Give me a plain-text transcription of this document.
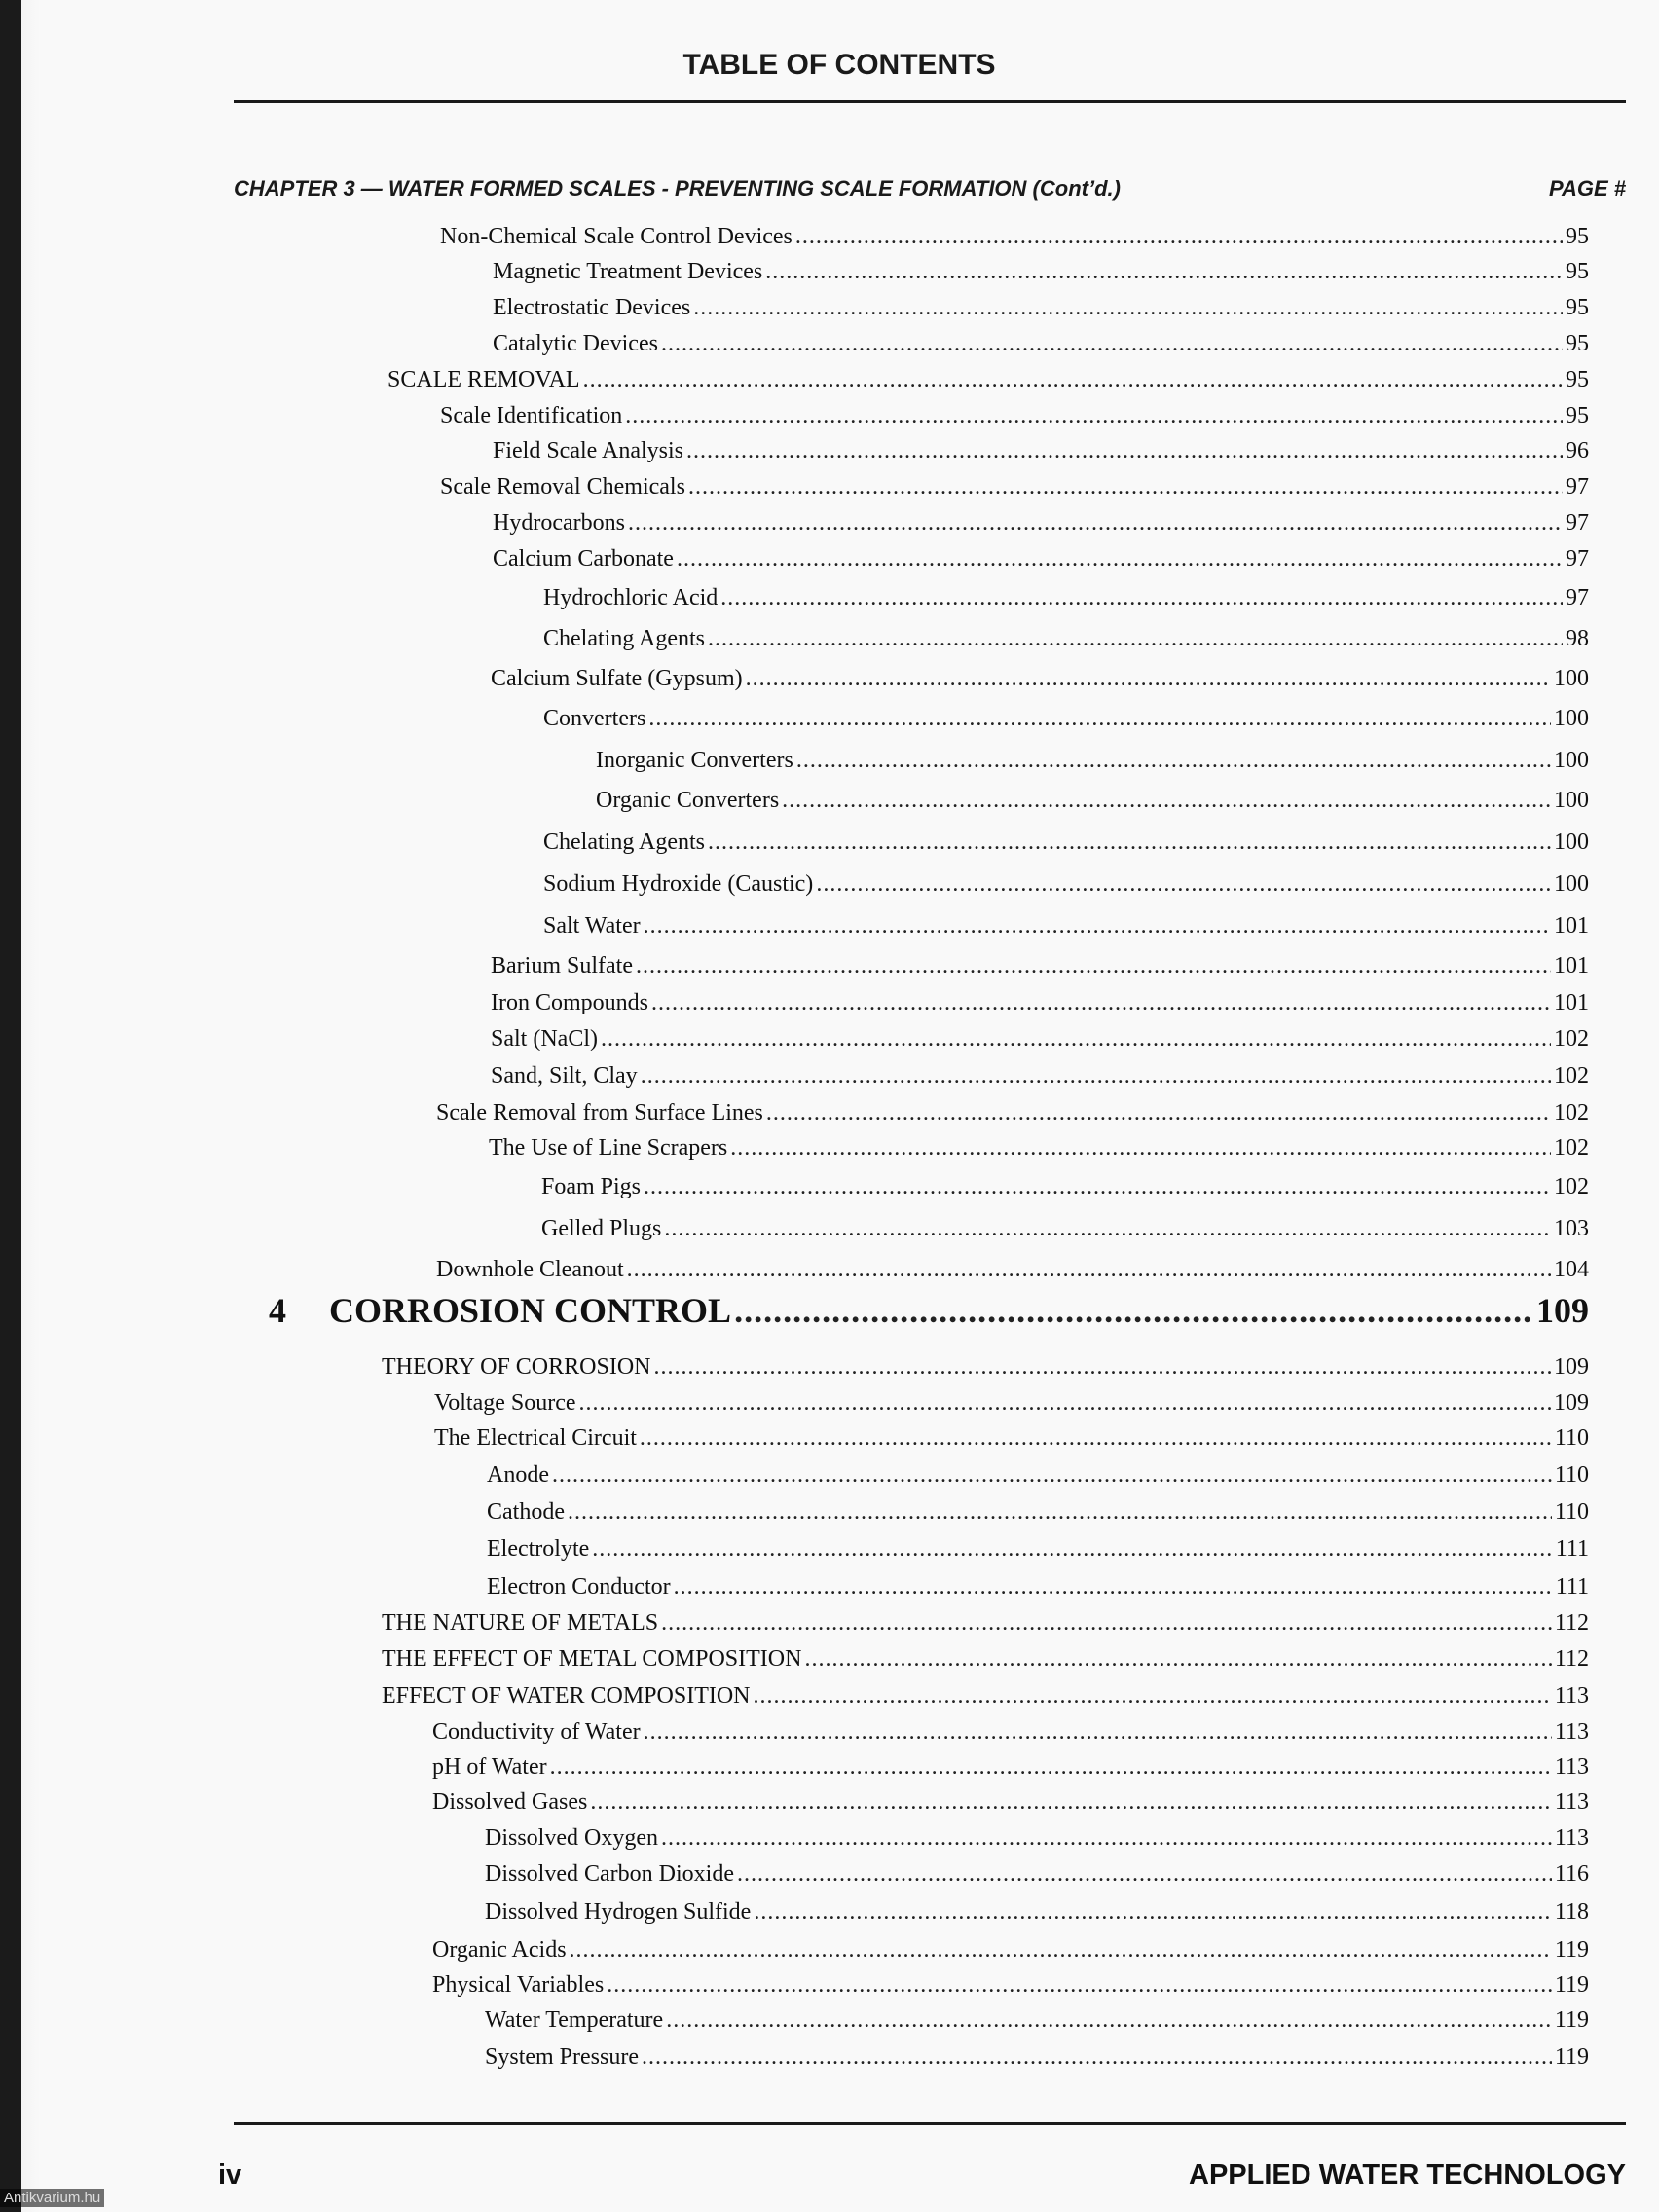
TABLE OF CONTENTS
CHAPTER 3 — WATER FORMED SCALES - PREVENTING SCALE FORMATION (Cont’d.)	PAGE #
Non-Chemical Scale Control Devices .....	95
Magnetic Treatment Devices .....	95
Electrostatic Devices .....	95
Catalytic Devices .....	95
SCALE REMOVAL .....	95
Scale Identification .....	95
Field Scale Analysis .....	96
Scale Removal Chemicals .....	97
Hydrocarbons .....	97
Calcium Carbonate .....	97
Hydrochloric Acid .....	97
Chelating Agents .....	98
Calcium Sulfate (Gypsum) .....	100
Converters .....	100
Inorganic Converters .....	100
Organic Converters .....	100
Chelating Agents .....	100
Sodium Hydroxide (Caustic) .....	100
Salt Water .....	101
Barium Sulfate .....	101
Iron Compounds .....	101
Salt (NaCl) .....	102
Sand, Silt, Clay .....	102
Scale Removal from Surface Lines .....	102
The Use of Line Scrapers .....	102
Foam Pigs .....	102
Gelled Plugs .....	103
Downhole Cleanout .....	104
4	CORROSION CONTROL .....	109
THEORY OF CORROSION .....	109
Voltage Source .....	109
The Electrical Circuit .....	110
Anode .....	110
Cathode .....	110
Electrolyte .....	111
Electron Conductor .....	111
THE NATURE OF METALS .....	112
THE EFFECT OF METAL COMPOSITION .....	112
EFFECT OF WATER COMPOSITION .....	113
Conductivity of Water .....	113
pH of Water .....	113
Dissolved Gases .....	113
Dissolved Oxygen .....	113
Dissolved Carbon Dioxide .....	116
Dissolved Hydrogen Sulfide .....	118
Organic Acids .....	119
Physical Variables .....	119
Water Temperature .....	119
System Pressure .....	119
iv	APPLIED WATER TECHNOLOGY
Antikvarium.hu
